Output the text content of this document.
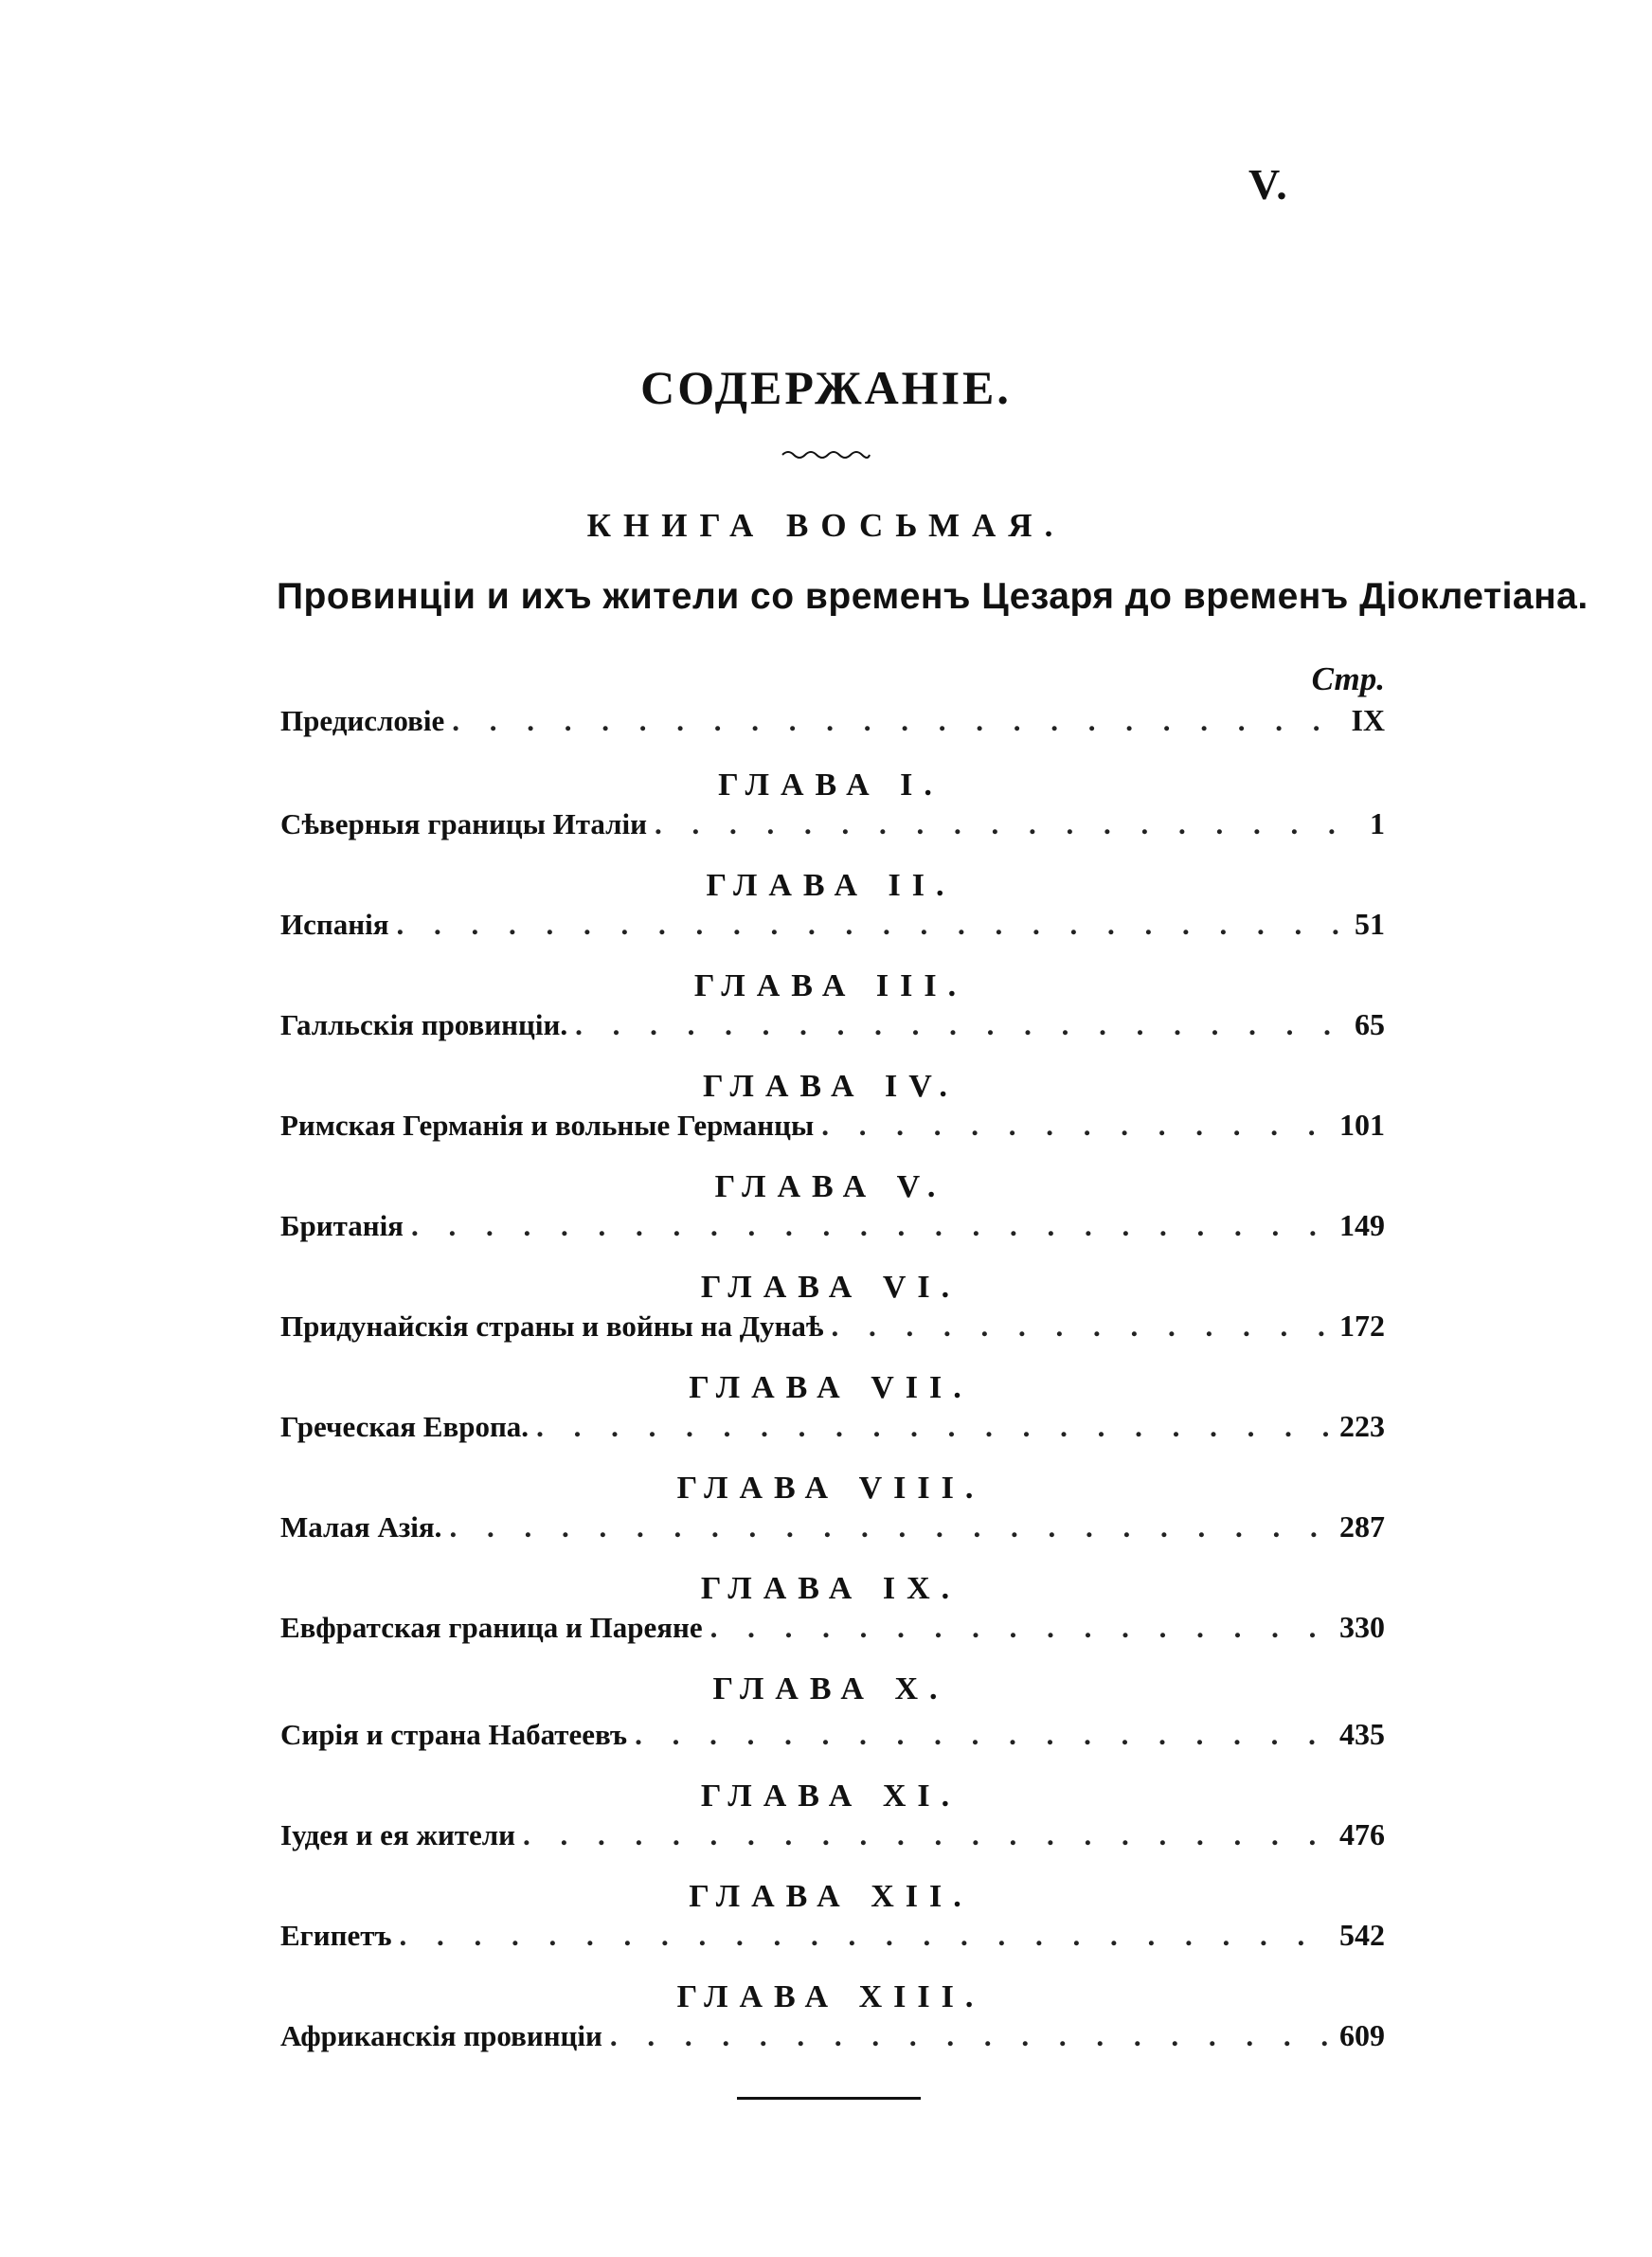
V.
СОДЕРЖАНІЕ.
КНИГА ВОСЬМАЯ.
Провинціи и ихъ жители со временъ Цезаря до временъ Діоклетіана.
Стр.
Предисловіе . . .	IX
ГЛАВА I.
Сѣверныя границы Италіи . . .	1
ГЛАВА II.
Испанія . . .	51
ГЛАВА III.
Галльскія провинціи. . . .	65
ГЛАВА IV.
Римская Германія и вольные Германцы . . .	101
ГЛАВА V.
Британія . . .	149
ГЛАВА VI.
Придунайскія страны и войны на Дунаѣ . . .	172
ГЛАВА VII.
Греческая Европа. . . .	223
ГЛАВА VIII.
Малая Азія. . . .	287
ГЛАВА IX.
Евфратская граница и Пареяне . . .	330
ГЛАВА X.
Сирія и страна Набатеевъ . . .	435
ГЛАВА XI.
Іудея и ея жители . . .	476
ГЛАВА XII.
Египетъ . . .	542
ГЛАВА XIII.
Африканскія провинціи . . .	609
